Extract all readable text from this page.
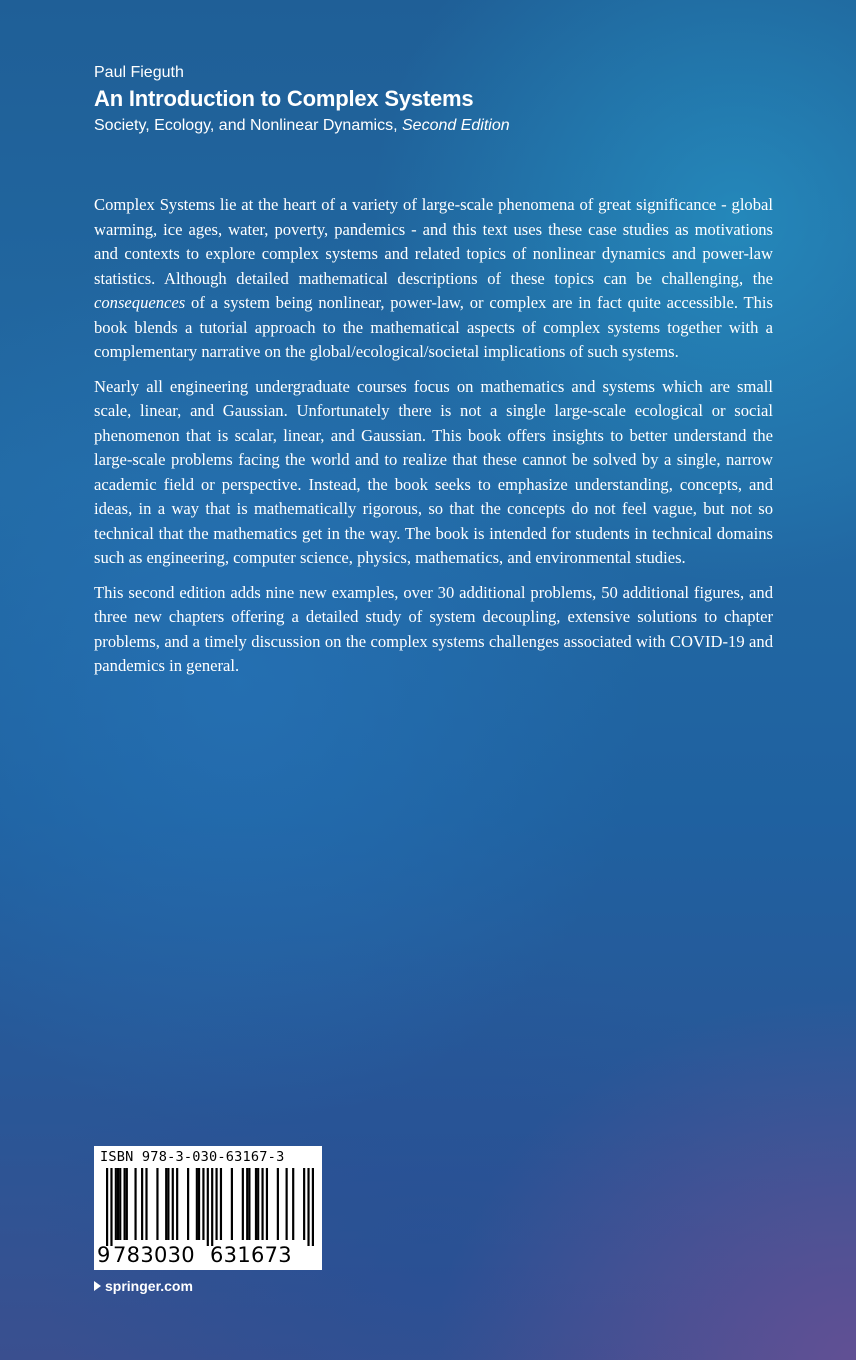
Paul Fieguth

An Introduction to Complex Systems

Society, Ecology, and Nonlinear Dynamics, Second Edition

Complex Systems lie at the heart of a variety of large-scale phenomena of great significance - global warming, ice ages, water, poverty, pandemics - and this text uses these case studies as motivations and contexts to explore complex systems and related topics of nonlinear dynamics and power-law statistics. Although detailed mathematical descriptions of these topics can be challenging, the consequences of a system being nonlinear, power-law, or complex are in fact quite accessible. This book blends a tutorial approach to the mathematical aspects of complex systems together with a complementary narrative on the global/ecological/societal implications of such systems.

Nearly all engineering undergraduate courses focus on mathematics and systems which are small scale, linear, and Gaussian. Unfortunately there is not a single large-scale ecological or social phenomenon that is scalar, linear, and Gaussian. This book offers insights to better understand the large-scale problems facing the world and to realize that these cannot be solved by a single, narrow academic field or perspective. Instead, the book seeks to emphasize understanding, concepts, and ideas, in a way that is mathematically rigorous, so that the concepts do not feel vague, but not so technical that the mathematics get in the way. The book is intended for students in technical domains such as engineering, computer science, physics, mathematics, and environmental studies.

This second edition adds nine new examples, over 30 additional problems, 50 additional figures, and three new chapters offering a detailed study of system decoupling, extensive solutions to chapter problems, and a timely discussion on the complex systems challenges associated with COVID-19 and pandemics in general.

ISBN 978-3-030-63167-3
9 783030 631673
springer.com
